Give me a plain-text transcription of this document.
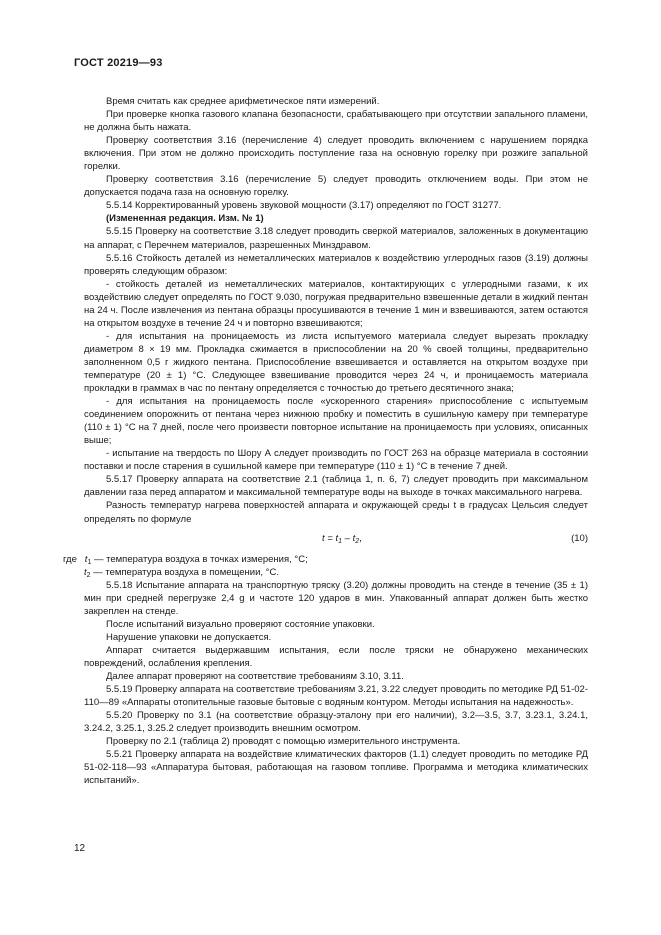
ГОСТ 20219—93

Время считать как среднее арифметическое пяти измерений.

При проверке кнопка газового клапана безопасности, срабатывающего при отсутствии запального пламени, не должна быть нажата.

Проверку соответствия 3.16 (перечисление 4) следует проводить включением с нарушением порядка включения. При этом не должно происходить поступление газа на основную горелку при розжиге запальной горелки.

Проверку соответствия 3.16 (перечисление 5) следует проводить отключением воды. При этом не допускается подача газа на основную горелку.

5.5.14 Корректированный уровень звуковой мощности (3.17) определяют по ГОСТ 31277.

(Измененная редакция. Изм. № 1)

5.5.15 Проверку на соответствие 3.18 следует проводить сверкой материалов, заложенных в документацию на аппарат, с Перечнем материалов, разрешенных Минздравом.

5.5.16 Стойкость деталей из неметаллических материалов к воздействию углеродных газов (3.19) должны проверять следующим образом:

- стойкость деталей из неметаллических материалов, контактирующих с углеродными газами, к их воздействию следует определять по ГОСТ 9.030, погружая предварительно взвешенные детали в жидкий пентан на 24 ч. После извлечения из пентана образцы просушиваются в течение 1 мин и взвешиваются, затем остаются на открытом воздухе в течение 24 ч и повторно взвешиваются;

- для испытания на проницаемость из листа испытуемого материала следует вырезать прокладку диаметром 8 × 19 мм. Прокладка сжимается в приспособлении на 20 % своей толщины, предварительно заполненном 0,5 г жидкого пентана. Приспособление взвешивается и оставляется на открытом воздухе при температуре (20 ± 1) °С. Следующее взвешивание проводится через 24 ч, и проницаемость материала прокладки в граммах в час по пентану определяется с точностью до третьего десятичного знака;

- для испытания на проницаемость после «ускоренного старения» приспособление с испытуемым соединением опорожнить от пентана через нижнюю пробку и поместить в сушильную камеру при температуре (110 ± 1) °С на 7 дней, после чего произвести повторное испытание на проницаемость при условиях, описанных выше;

- испытание на твердость по Шору А следует производить по ГОСТ 263 на образце материала в состоянии поставки и после старения в сушильной камере при температуре (110 ± 1) °С в течение 7 дней.

5.5.17 Проверку аппарата на соответствие 2.1 (таблица 1, п. 6, 7) следует проводить при максимальном давлении газа перед аппаратом и максимальной температуре воды на выходе в точках максимального нагрева.

Разность температур нагрева поверхностей аппарата и окружающей среды t в градусах Цельсия следует определять по формуле

$t = t_1 - t_2$,	(10)
где $t_1$ — температура воздуха в точках измерения, °С;
$t_2$ — температура воздуха в помещении, °С.

5.5.18 Испытание аппарата на транспортную тряску (3.20) должны проводить на стенде в течение (35 ± 1) мин при средней перегрузке 2,4 g и частоте 120 ударов в мин. Упакованный аппарат должен быть жестко закреплен на стенде.

После испытаний визуально проверяют состояние упаковки.

Нарушение упаковки не допускается.

Аппарат считается выдержавшим испытания, если после тряски не обнаружено механических повреждений, ослабления крепления.

Далее аппарат проверяют на соответствие требованиям 3.10, 3.11.

5.5.19 Проверку аппарата на соответствие требованиям 3.21, 3.22 следует проводить по методике РД 51-02-110—89 «Аппараты отопительные газовые бытовые с водяным контуром. Методы испытания на надежность».

5.5.20 Проверку по 3.1 (на соответствие образцу-эталону при его наличии), 3.2—3.5, 3.7, 3.23.1, 3.24.1, 3.24.2, 3.25.1, 3.25.2 следует производить внешним осмотром.

Проверку по 2.1 (таблица 2) проводят с помощью измерительного инструмента.

5.5.21 Проверку аппарата на воздействие климатических факторов (1.1) следует проводить по методике РД 51-02-118—93 «Аппаратура бытовая, работающая на газовом топливе. Программа и методика климатических испытаний».

12
